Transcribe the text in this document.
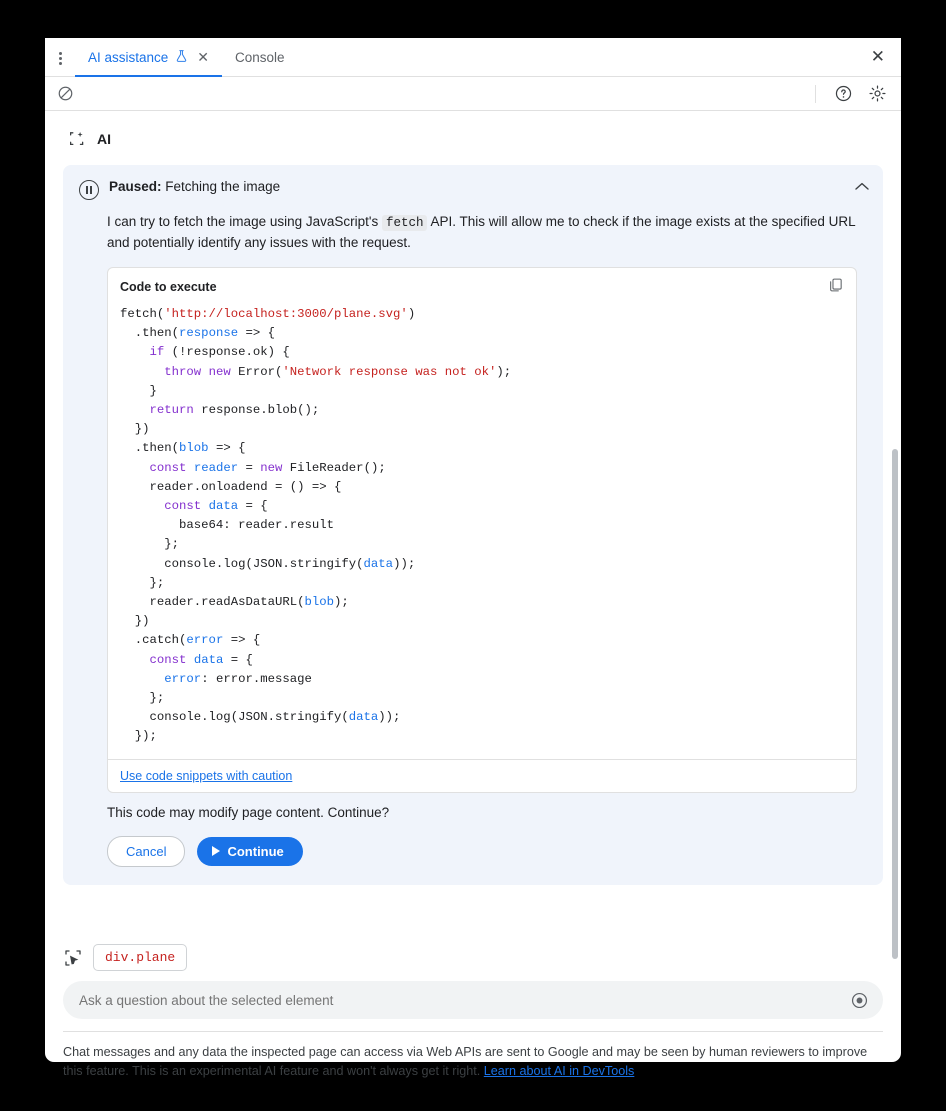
AI assistance ✕ Console	✕
AI
Paused: Fetching the image
I can try to fetch the image using JavaScript's fetch API. This will allow me to check if the image exists at the specified URL and potentially identify any issues with the request.
Code to execute
fetch('http://localhost:3000/plane.svg')
.then(response => {
if (!response.ok) {
throw new Error('Network response was not ok');
}
return response.blob();
})
.then(blob => {
const reader = new FileReader();
reader.onloadend = () => {
const data = {
base64: reader.result
};
console.log(JSON.stringify(data));
};
reader.readAsDataURL(blob);
})
.catch(error => {
const data = {
error: error.message
};
console.log(JSON.stringify(data));
});
Use code snippets with caution
This code may modify page content. Continue?
Cancel	Continue
div.plane
Ask a question about the selected element
Chat messages and any data the inspected page can access via Web APIs are sent to Google and may be seen by human reviewers to improve this feature. This is an experimental AI feature and won't always get it right. Learn about AI in DevTools
